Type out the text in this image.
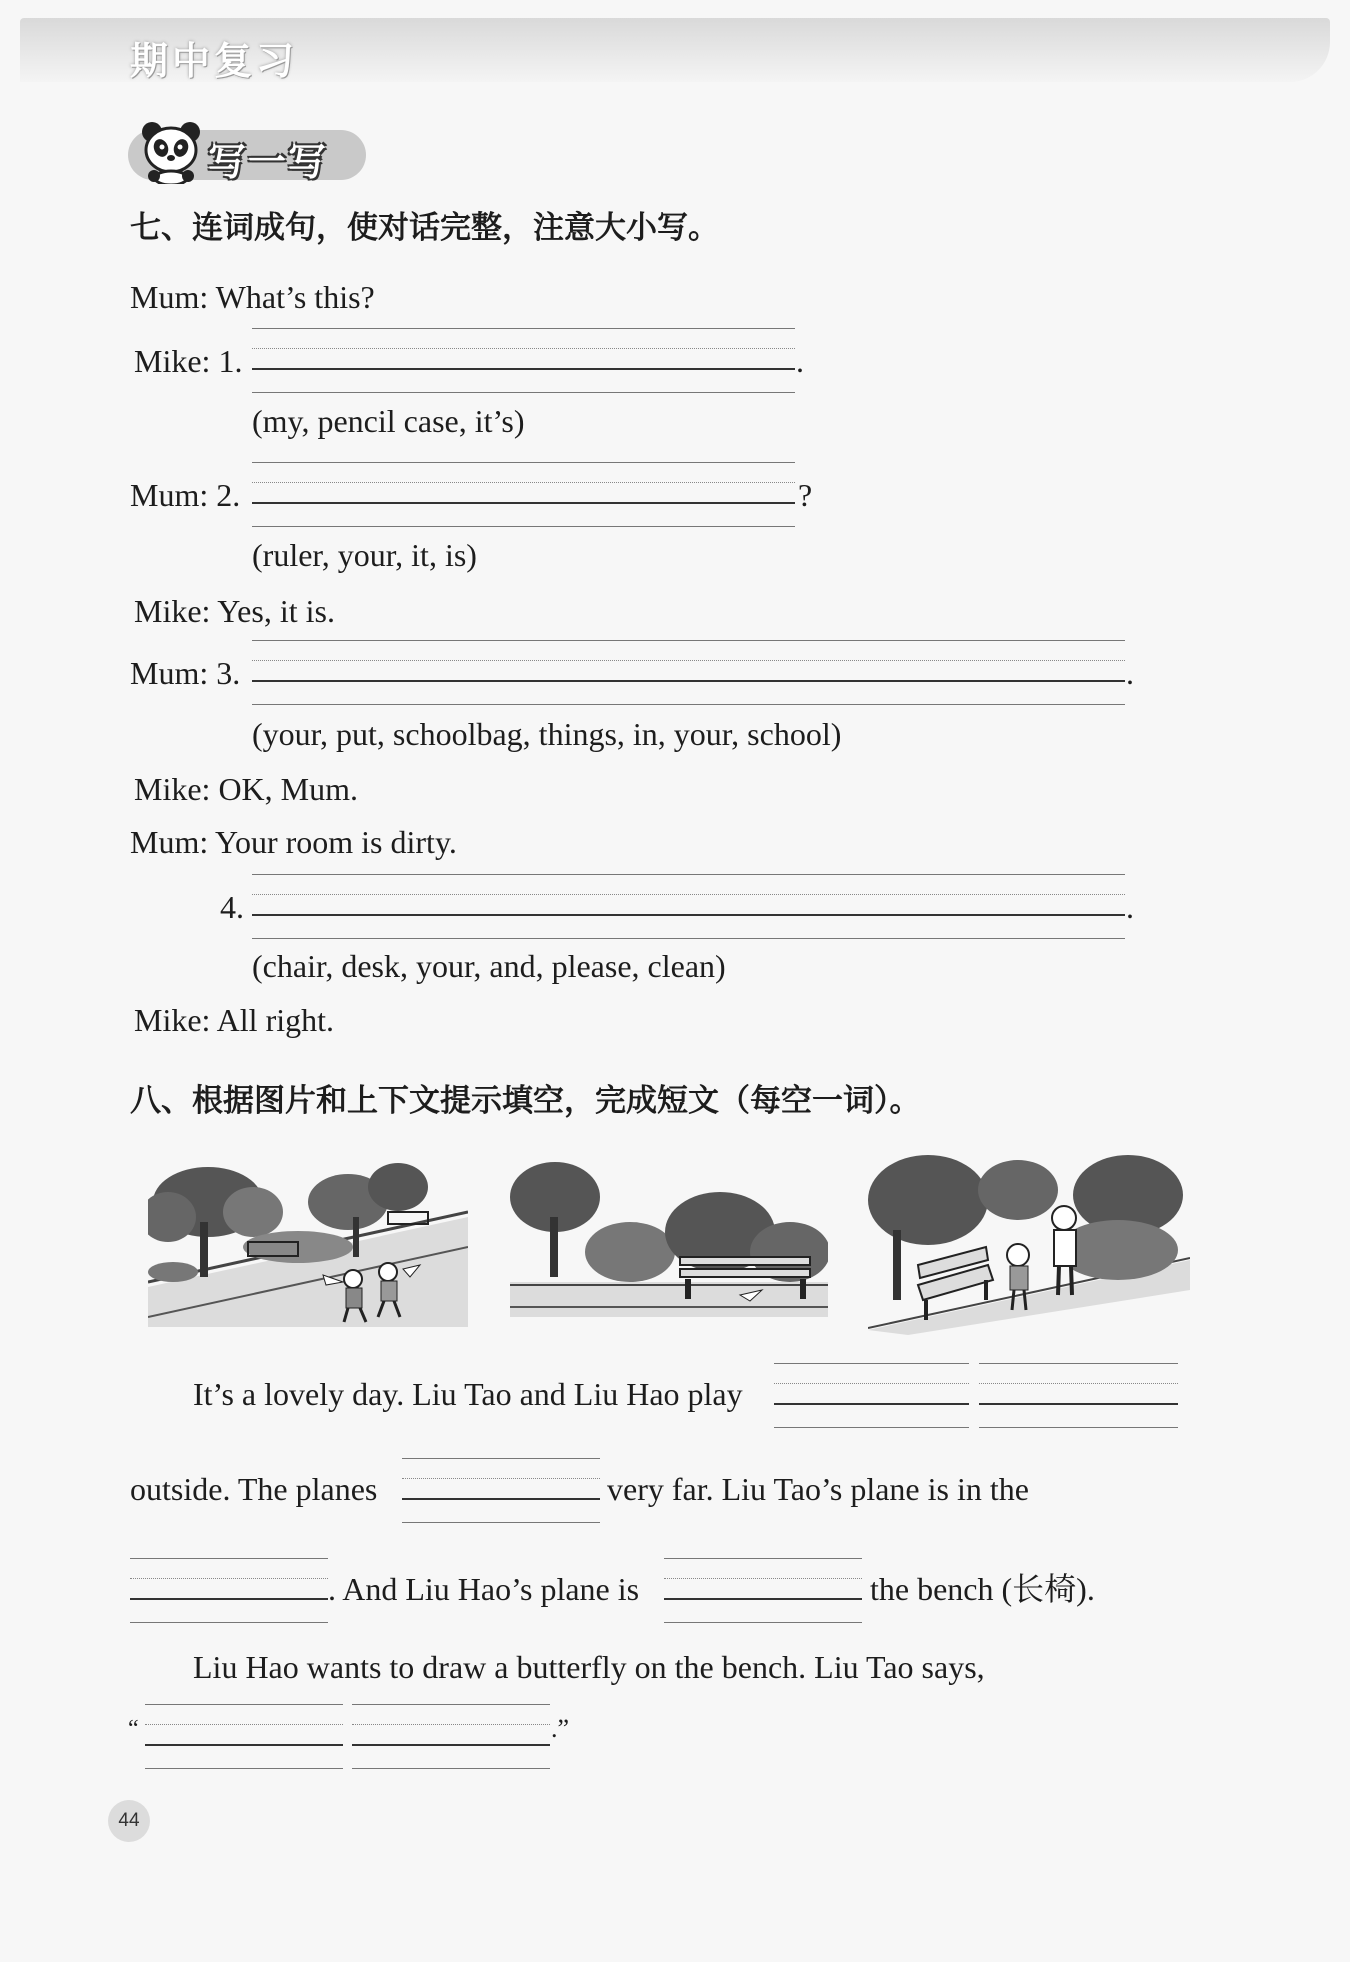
期中复习
写一写
七、连词成句，使对话完整，注意大小写。
Mum: What’s this?
Mike: 1.	.
(my, pencil case, it’s)
Mum: 2.	?
(ruler, your, it, is)
Mike: Yes, it is.
Mum: 3.	.
(your, put, schoolbag, things, in, your, school)
Mike: OK, Mum.
Mum: Your room is dirty.
4.	.
(chair, desk, your, and, please, clean)
Mike: All right.
八、根据图片和上下文提示填空，完成短文（每空一词）。
It’s a lovely day. Liu Tao and Liu Hao play
outside. The planes	very far. Liu Tao’s plane is in the
. And Liu Hao’s plane is	the bench (长椅).
Liu Hao wants to draw a butterfly on the bench. Liu Tao says,
“	.”
44
